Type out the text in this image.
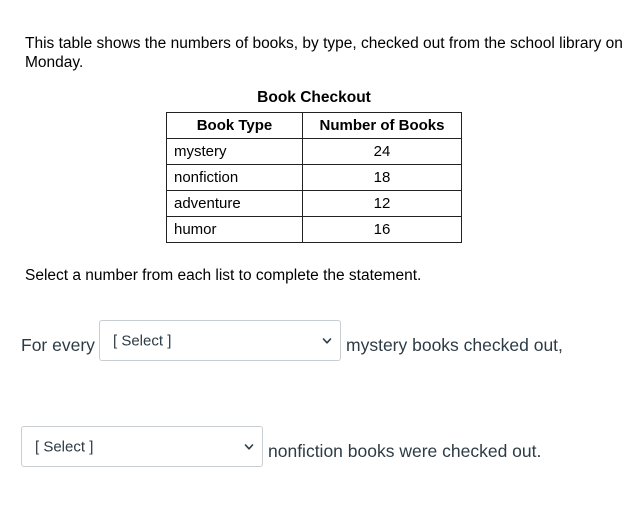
This table shows the numbers of books, by type, checked out from the school library on Monday.

Book Checkout

Book Type	Number of Books
mystery	24
nonfiction	18
adventure	12
humor	16

Select a number from each list to complete the statement.

For every [ Select ]	mystery books checked out,
[ Select ]	nonfiction books were checked out.
